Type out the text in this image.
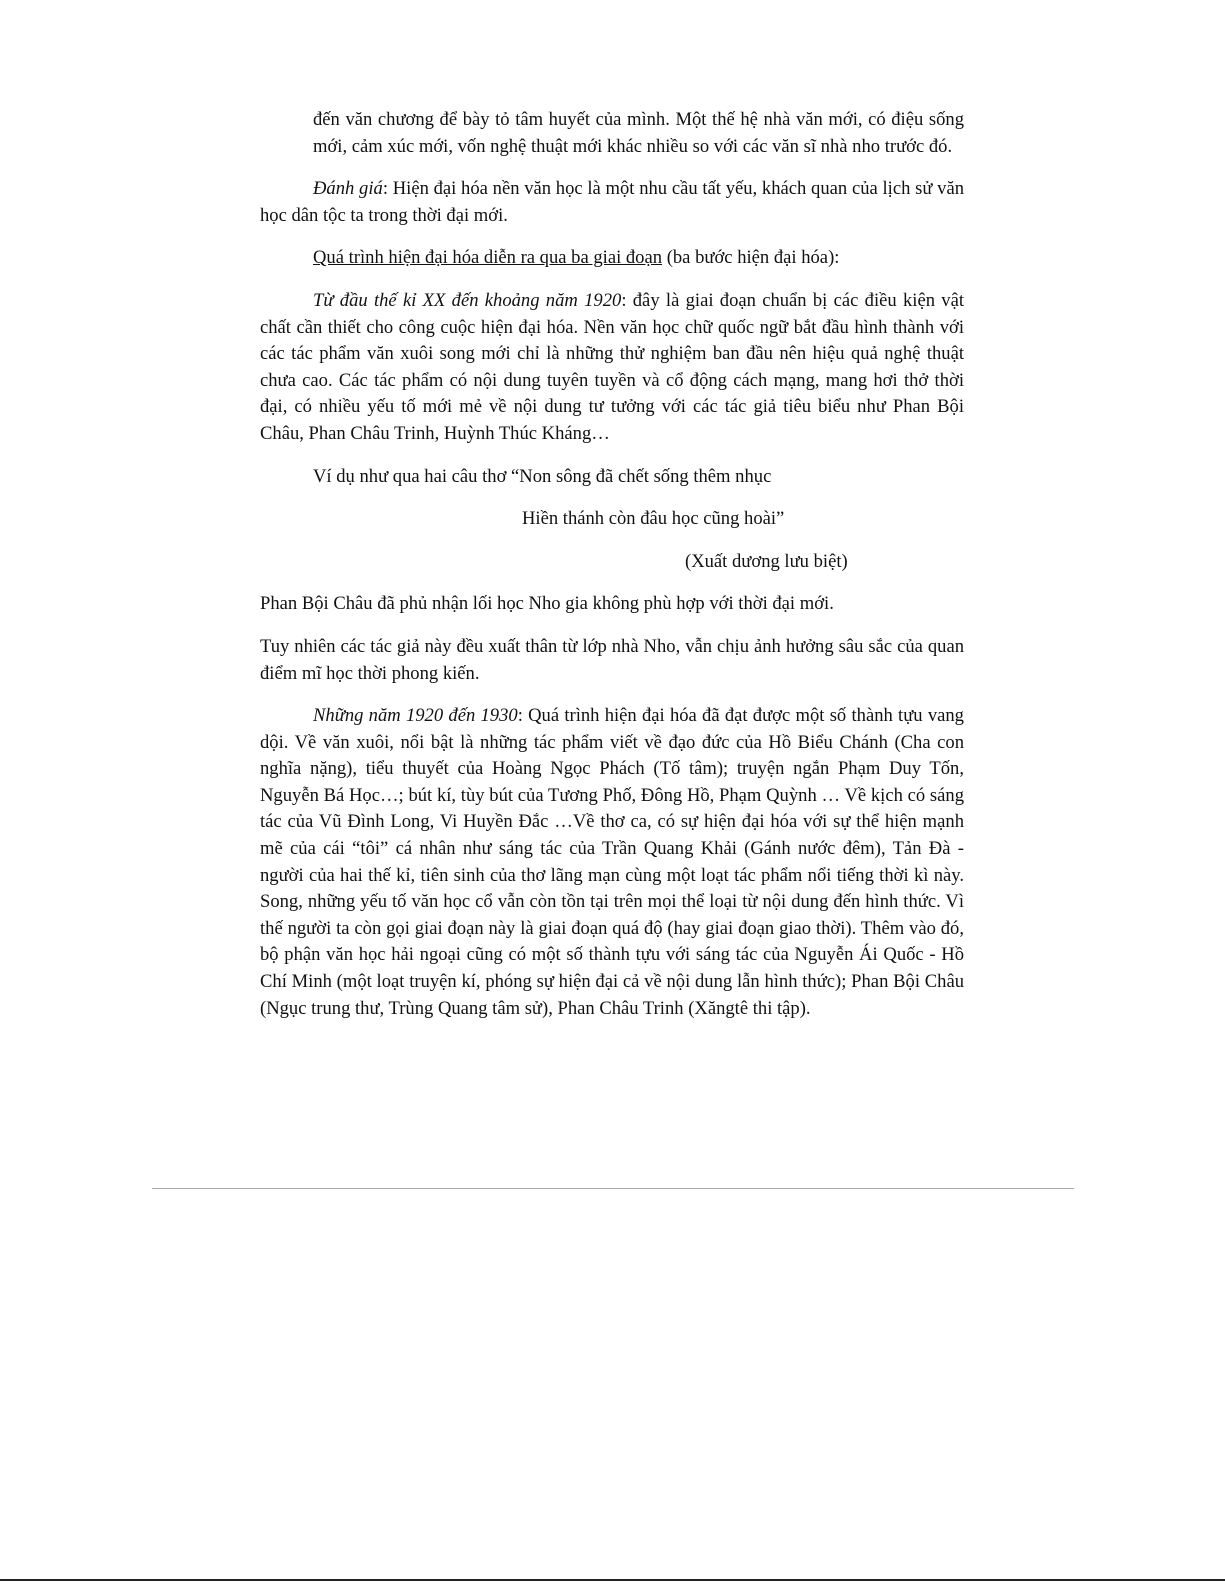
đến văn chương để bày tỏ tâm huyết của mình. Một thế hệ nhà văn mới, có điệu sống mới, cảm xúc mới, vốn nghệ thuật mới khác nhiều so với các văn sĩ nhà nho trước đó.

Đánh giá: Hiện đại hóa nền văn học là một nhu cầu tất yếu, khách quan của lịch sử văn học dân tộc ta trong thời đại mới.

Quá trình hiện đại hóa diễn ra qua ba giai đoạn (ba bước hiện đại hóa):

Từ đầu thế kỉ XX đến khoảng năm 1920: đây là giai đoạn chuẩn bị các điều kiện vật chất cần thiết cho công cuộc hiện đại hóa. Nền văn học chữ quốc ngữ bắt đầu hình thành với các tác phẩm văn xuôi song mới chỉ là những thử nghiệm ban đầu nên hiệu quả nghệ thuật chưa cao. Các tác phẩm có nội dung tuyên tuyền và cổ động cách mạng, mang hơi thở thời đại, có nhiều yếu tố mới mẻ về nội dung tư tưởng với các tác giả tiêu biểu như Phan Bội Châu, Phan Châu Trinh, Huỳnh Thúc Kháng…

Ví dụ như qua hai câu thơ “Non sông đã chết sống thêm nhục

Hiền thánh còn đâu học cũng hoài”

(Xuất dương lưu biệt)

Phan Bội Châu đã phủ nhận lối học Nho gia không phù hợp với thời đại mới.

Tuy nhiên các tác giả này đều xuất thân từ lớp nhà Nho, vẫn chịu ảnh hưởng sâu sắc của quan điểm mĩ học thời phong kiến.

Những năm 1920 đến 1930: Quá trình hiện đại hóa đã đạt được một số thành tựu vang dội. Về văn xuôi, nổi bật là những tác phẩm viết về đạo đức của Hồ Biểu Chánh (Cha con nghĩa nặng), tiểu thuyết của Hoàng Ngọc Phách (Tố tâm); truyện ngắn Phạm Duy Tốn, Nguyễn Bá Học…; bút kí, tùy bút của Tương Phố, Đông Hồ, Phạm Quỳnh … Về kịch có sáng tác của Vũ Đình Long, Vi Huyền Đắc …Về thơ ca, có sự hiện đại hóa với sự thể hiện mạnh mẽ của cái “tôi” cá nhân như sáng tác của Trần Quang Khải (Gánh nước đêm), Tản Đà - người của hai thế kỉ, tiên sinh của thơ lãng mạn cùng một loạt tác phẩm nổi tiếng thời kì này. Song, những yếu tố văn học cổ vẫn còn tồn tại trên mọi thể loại từ nội dung đến hình thức. Vì thế người ta còn gọi giai đoạn này là giai đoạn quá độ (hay giai đoạn giao thời). Thêm vào đó, bộ phận văn học hải ngoại cũng có một số thành tựu với sáng tác của Nguyễn Ái Quốc - Hồ Chí Minh (một loạt truyện kí, phóng sự hiện đại cả về nội dung lẫn hình thức); Phan Bội Châu (Ngục trung thư, Trùng Quang tâm sử), Phan Châu Trinh (Xăngtê thi tập).
